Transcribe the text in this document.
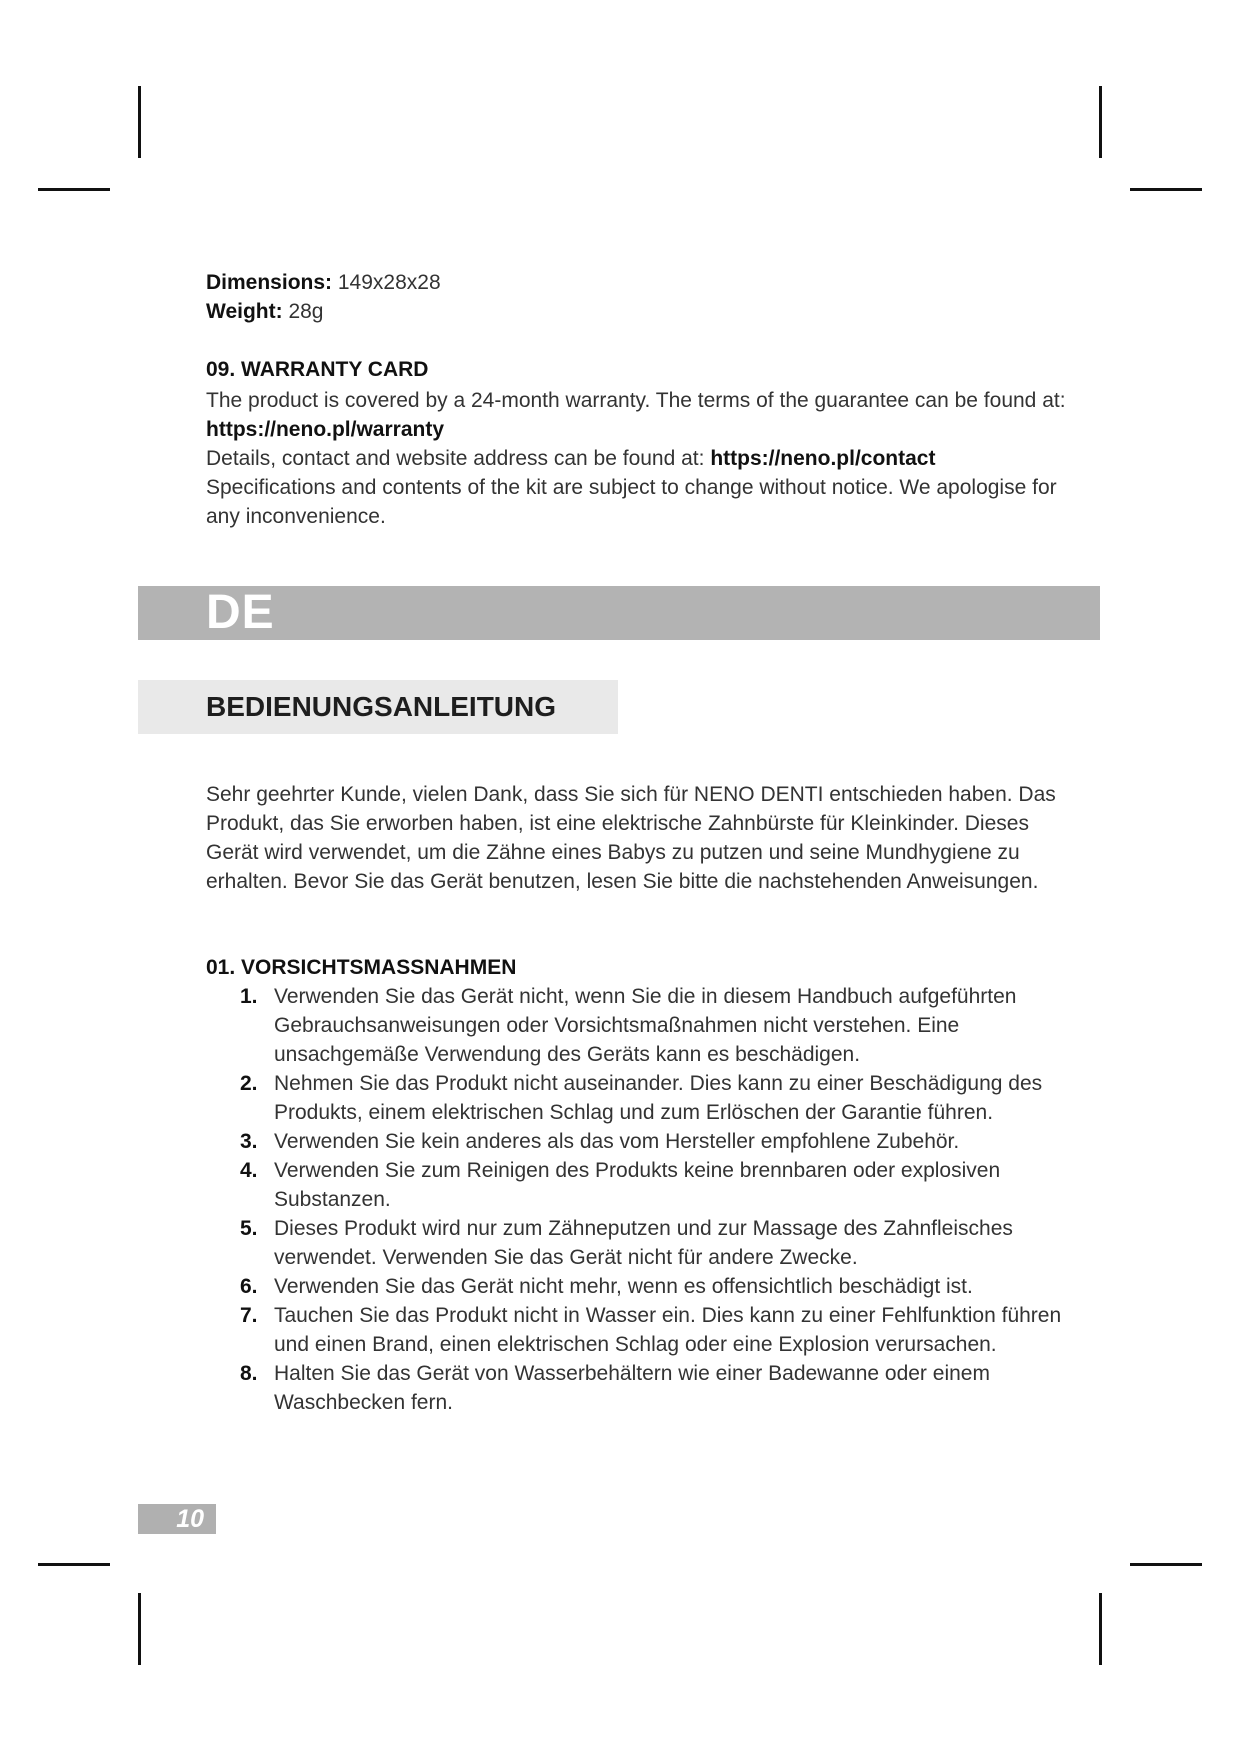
Dimensions: 149x28x28
Weight: 28g
09. WARRANTY CARD

The product is covered by a 24-month warranty. The terms of the guarantee can be found at: https://neno.pl/warranty

Details, contact and website address can be found at: https://neno.pl/contact

Specifications and contents of the kit are subject to change without notice. We apologise for any inconvenience.

DE
BEDIENUNGSANLEITUNG
Sehr geehrter Kunde, vielen Dank, dass Sie sich für NENO DENTI entschieden haben. Das Produkt, das Sie erworben haben, ist eine elektrische Zahnbürste für Kleinkinder. Dieses Gerät wird verwendet, um die Zähne eines Babys zu putzen und seine Mundhygiene zu erhalten. Bevor Sie das Gerät benutzen, lesen Sie bitte die nachstehenden Anweisungen.
01. VORSICHTSMASSNAHMEN
1. Verwenden Sie das Gerät nicht, wenn Sie die in diesem Handbuch aufgeführten Gebrauchsanweisungen oder Vorsichtsmaßnahmen nicht verstehen. Eine unsachgemäße Verwendung des Geräts kann es beschädigen.
2. Nehmen Sie das Produkt nicht auseinander. Dies kann zu einer Beschädigung des Produkts, einem elektrischen Schlag und zum Erlöschen der Garantie führen.
3. Verwenden Sie kein anderes als das vom Hersteller empfohlene Zubehör.
4. Verwenden Sie zum Reinigen des Produkts keine brennbaren oder explosiven Substanzen.
5. Dieses Produkt wird nur zum Zähneputzen und zur Massage des Zahnfleisches verwendet. Verwenden Sie das Gerät nicht für andere Zwecke.
6. Verwenden Sie das Gerät nicht mehr, wenn es offensichtlich beschädigt ist.
7. Tauchen Sie das Produkt nicht in Wasser ein. Dies kann zu einer Fehlfunktion führen und einen Brand, einen elektrischen Schlag oder eine Explosion verursachen.
8. Halten Sie das Gerät von Wasserbehältern wie einer Badewanne oder einem Waschbecken fern.
10
